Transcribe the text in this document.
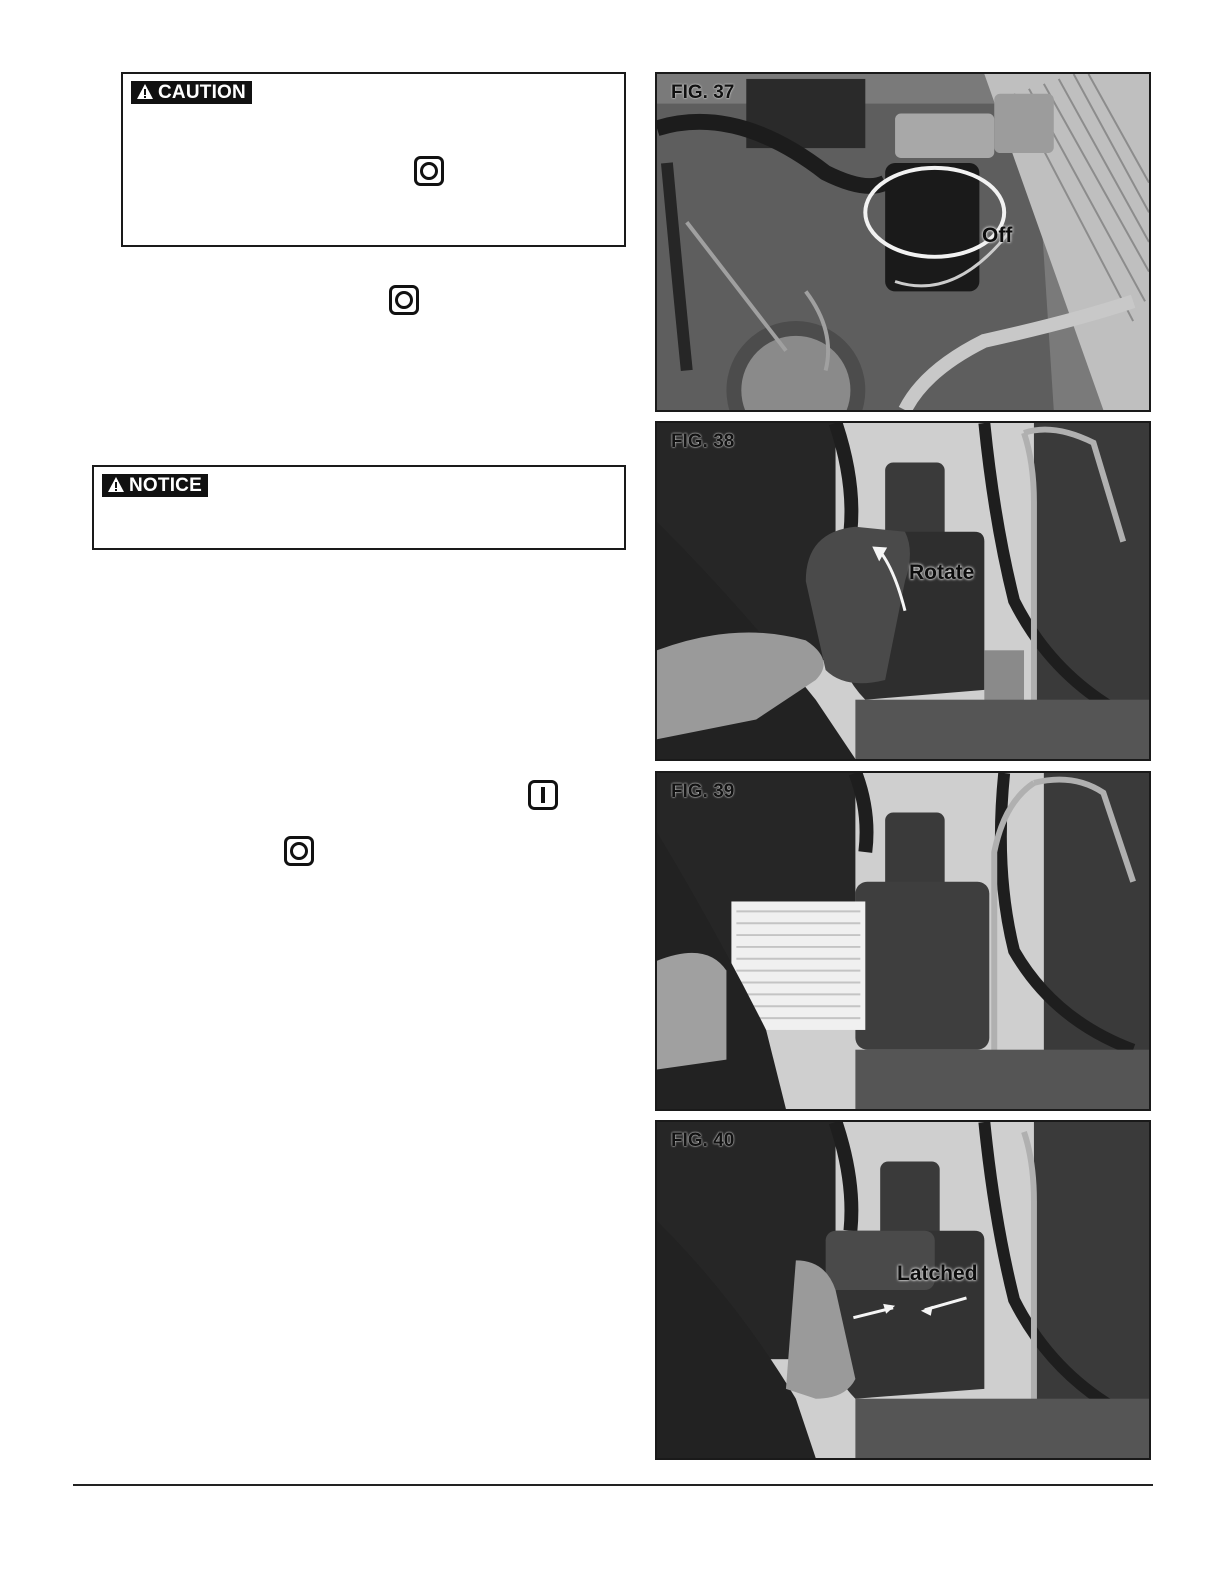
CAUTION
NOTICE
FIG. 37
Off
FIG. 38
Rotate
FIG. 39
FIG. 40
Latched
